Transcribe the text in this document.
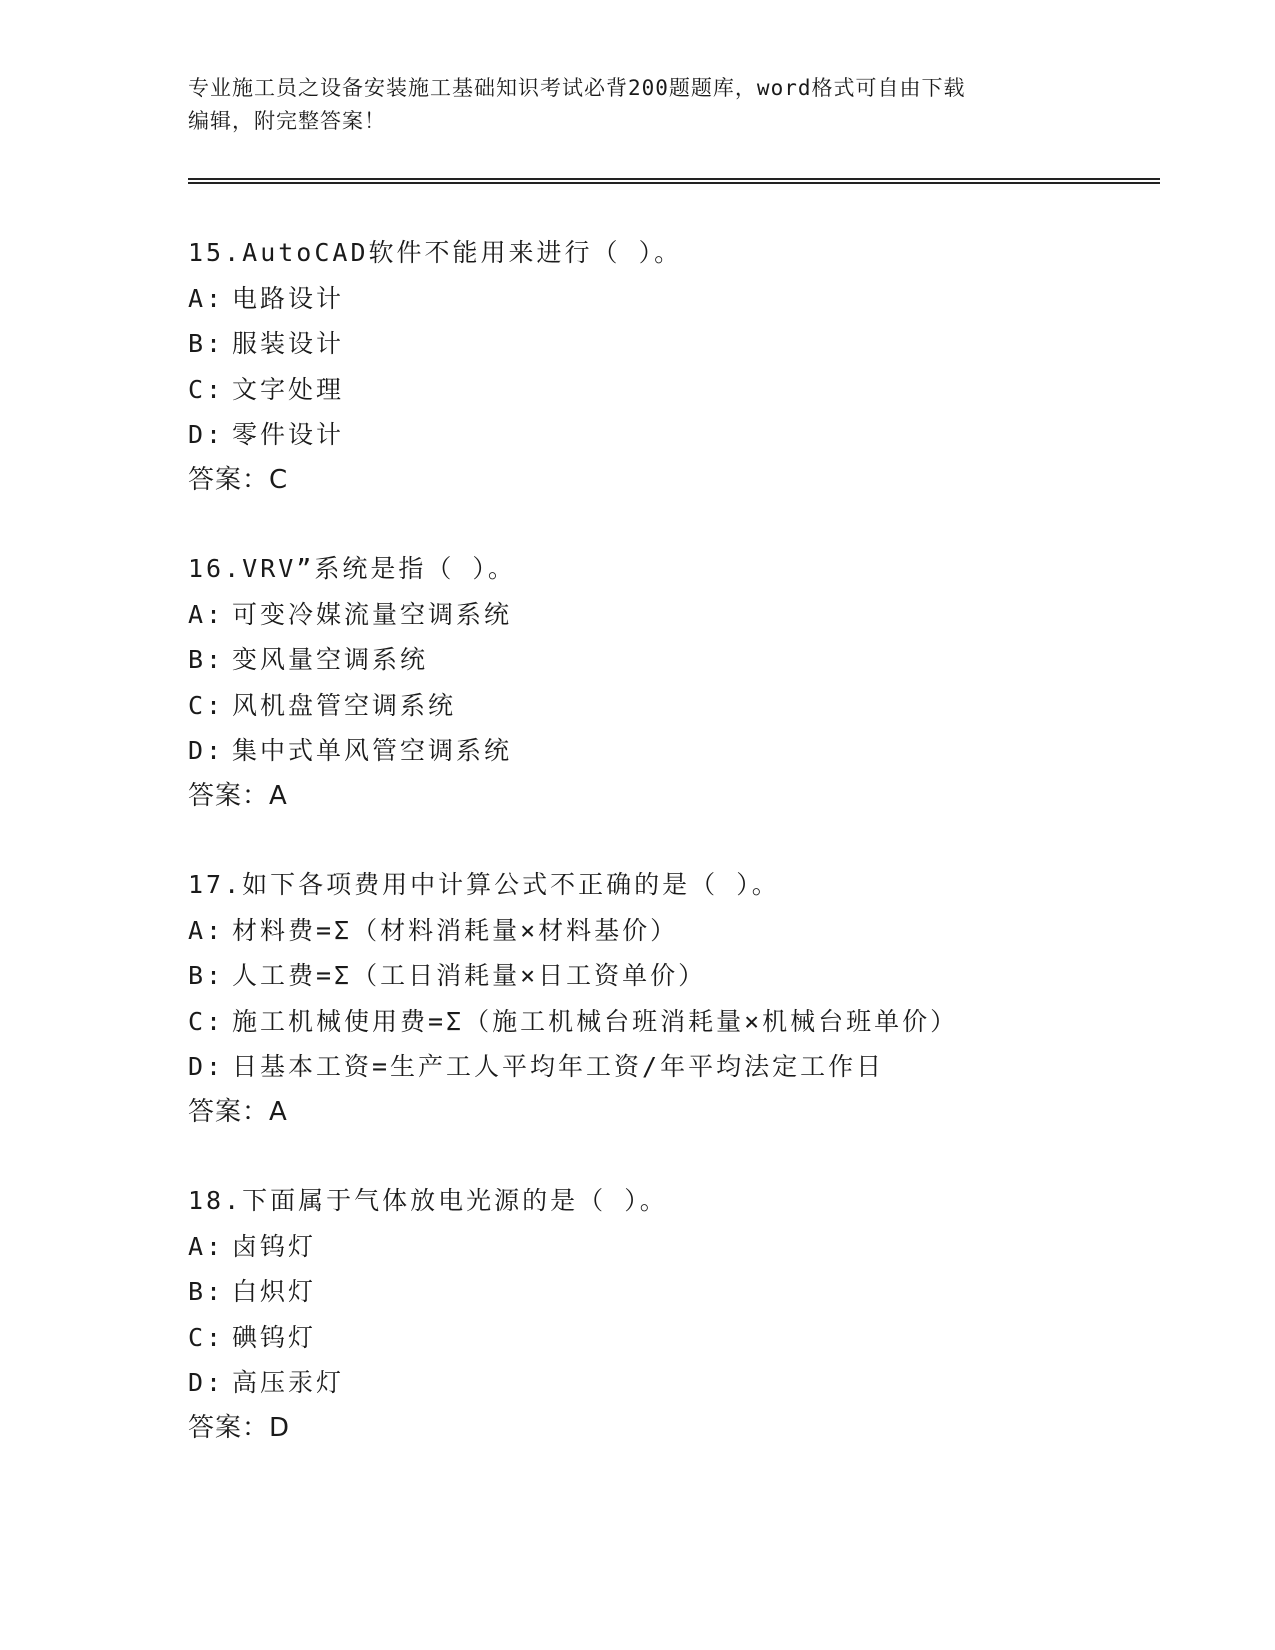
专业施工员之设备安装施工基础知识考试必背200题题库，word格式可自由下载
编辑，附完整答案！
15.AutoCAD软件不能用来进行（ ）。
A: 电路设计
B: 服装设计
C: 文字处理
D: 零件设计
答案：C
16.VRV”系统是指（ ）。
A: 可变冷媒流量空调系统
B: 变风量空调系统
C: 风机盘管空调系统
D: 集中式单风管空调系统
答案：A
17.如下各项费用中计算公式不正确的是（ ）。
A: 材料费=Σ（材料消耗量×材料基价）
B: 人工费=Σ（工日消耗量×日工资单价）
C: 施工机械使用费=Σ（施工机械台班消耗量×机械台班单价）
D: 日基本工资=生产工人平均年工资/年平均法定工作日
答案：A
18.下面属于气体放电光源的是（ ）。
A: 卤钨灯
B: 白炽灯
C: 碘钨灯
D: 高压汞灯
答案：D
